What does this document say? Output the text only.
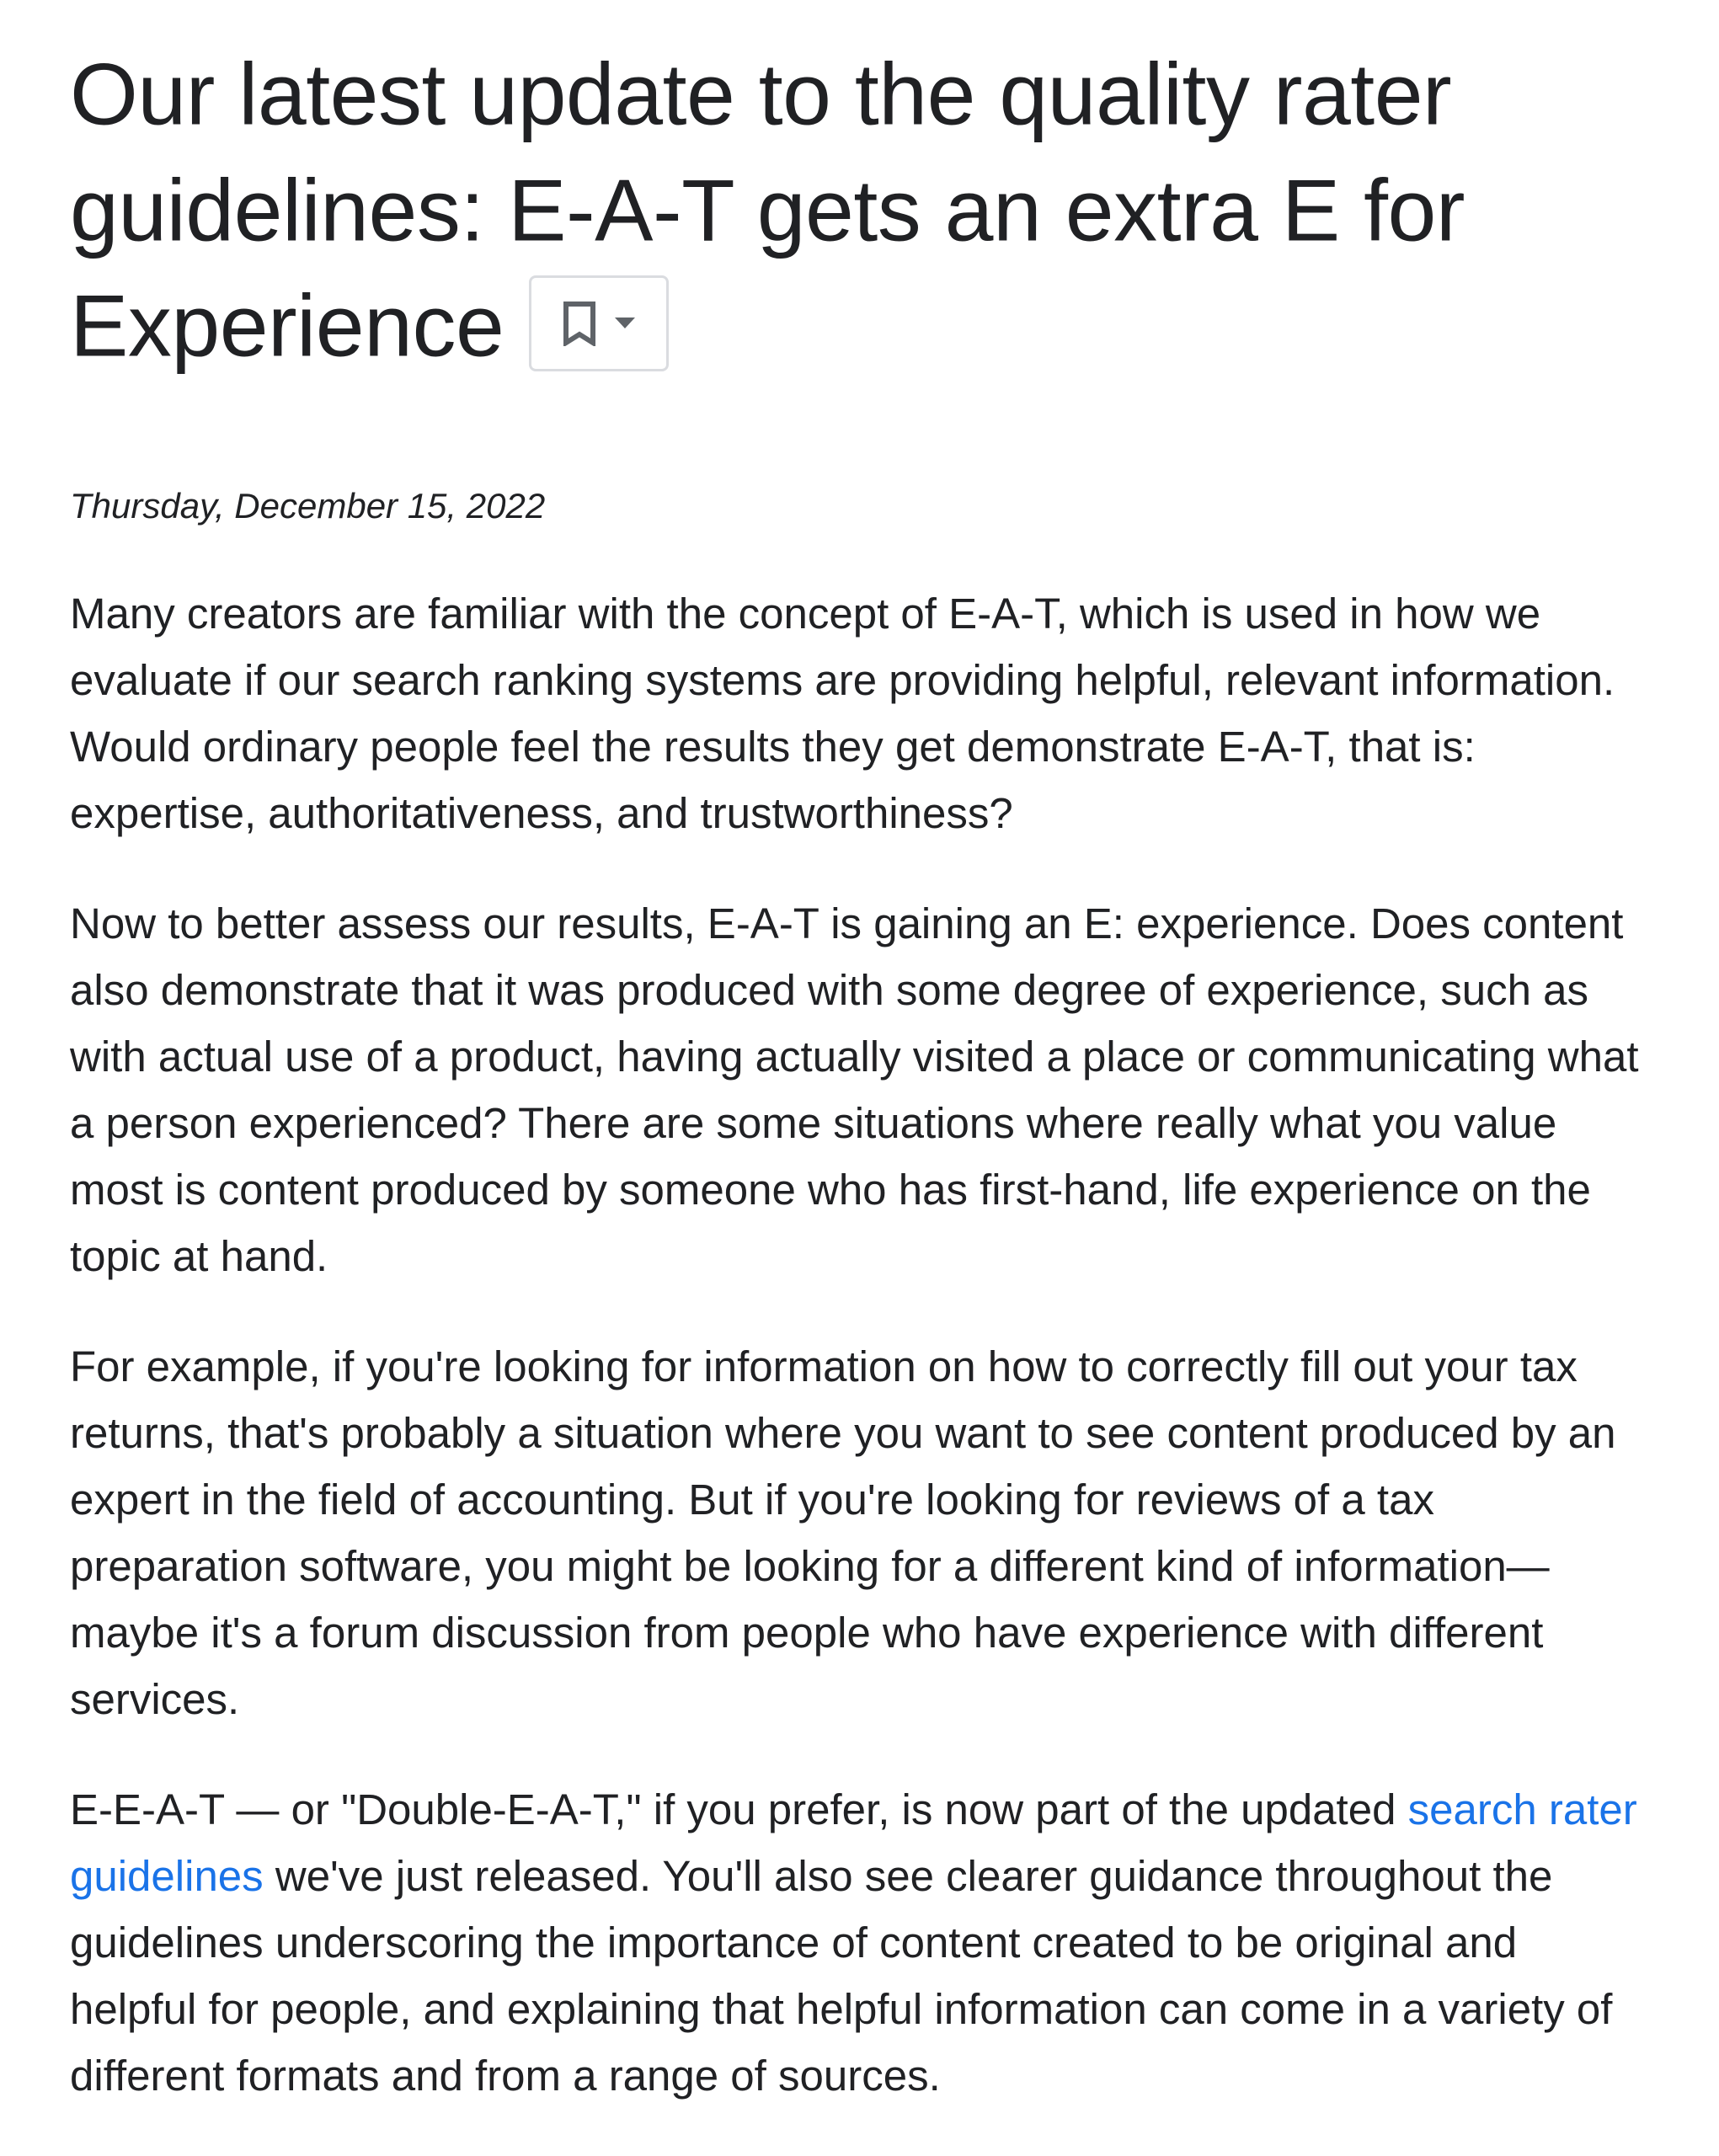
Our latest update to the quality rater guidelines: E-A-T gets an extra E for Experience

Thursday, December 15, 2022

Many creators are familiar with the concept of E-A-T, which is used in how we evaluate if our search ranking systems are providing helpful, relevant information. Would ordinary people feel the results they get demonstrate E-A-T, that is: expertise, authoritativeness, and trustworthiness?

Now to better assess our results, E-A-T is gaining an E: experience. Does content also demonstrate that it was produced with some degree of experience, such as with actual use of a product, having actually visited a place or communicating what a person experienced? There are some situations where really what you value most is content produced by someone who has first-hand, life experience on the topic at hand.

For example, if you're looking for information on how to correctly fill out your tax returns, that's probably a situation where you want to see content produced by an expert in the field of accounting. But if you're looking for reviews of a tax preparation software, you might be looking for a different kind of information—maybe it's a forum discussion from people who have experience with different services.

E-E-A-T — or "Double-E-A-T," if you prefer, is now part of the updated search rater guidelines we've just released. You'll also see clearer guidance throughout the guidelines underscoring the importance of content created to be original and helpful for people, and explaining that helpful information can come in a variety of different formats and from a range of sources.
